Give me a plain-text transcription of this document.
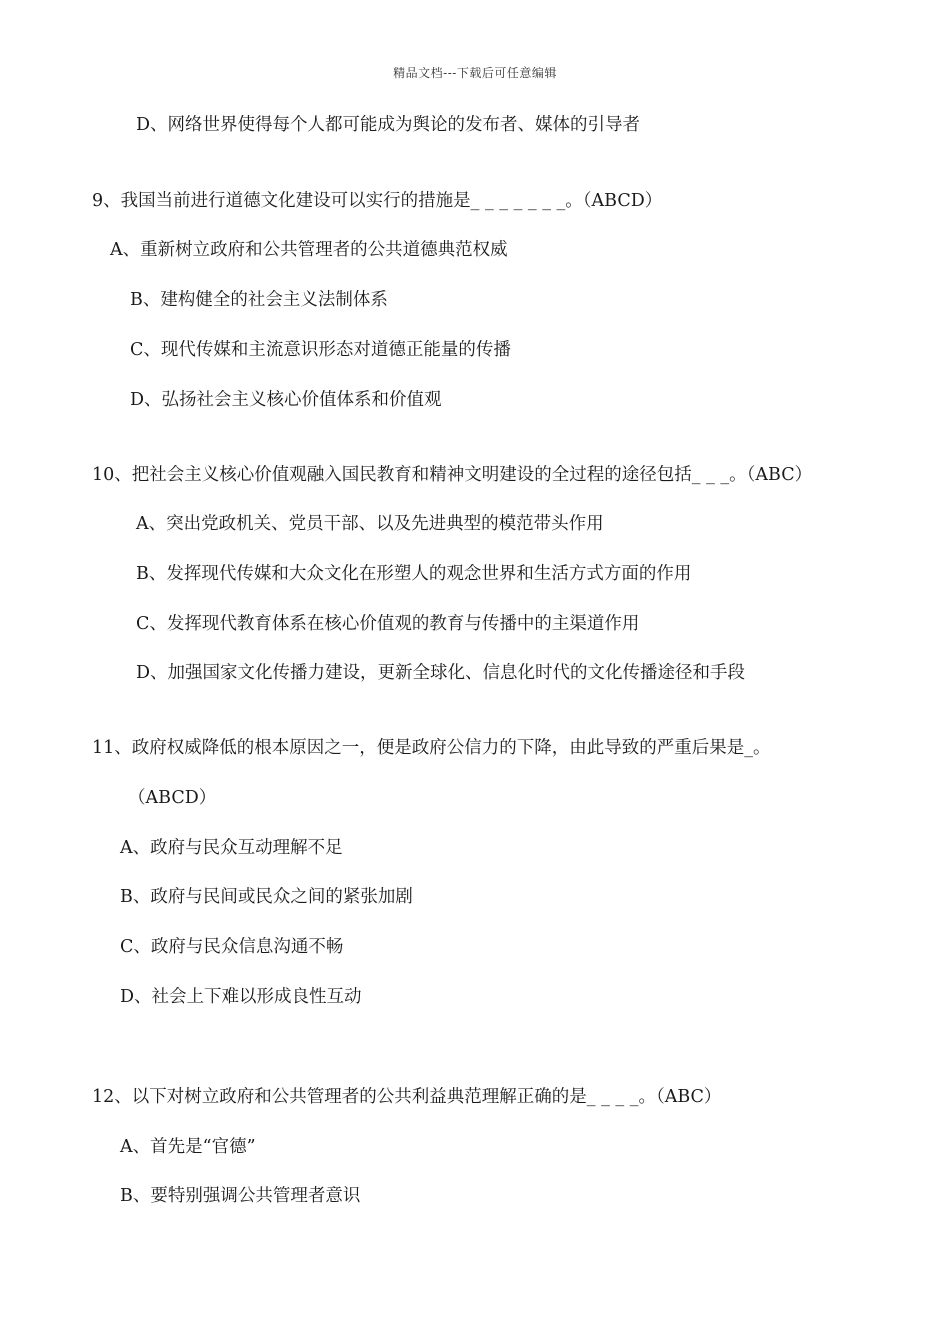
精品文档---下载后可任意编辑
D、网络世界使得每个人都可能成为舆论的发布者、媒体的引导者
9、我国当前进行道德文化建设可以实行的措施是_ _ _ _ _ _ _。（ABCD）
A、重新树立政府和公共管理者的公共道德典范权威
B、建构健全的社会主义法制体系
C、现代传媒和主流意识形态对道德正能量的传播
D、弘扬社会主义核心价值体系和价值观
10、把社会主义核心价值观融入国民教育和精神文明建设的全过程的途径包括_ _ _。（ABC）
A、突出党政机关、党员干部、以及先进典型的模范带头作用
B、发挥现代传媒和大众文化在形塑人的观念世界和生活方式方面的作用
C、发挥现代教育体系在核心价值观的教育与传播中的主渠道作用
D、加强国家文化传播力建设，更新全球化、信息化时代的文化传播途径和手段
11、政府权威降低的根本原因之一，便是政府公信力的下降，由此导致的严重后果是_。
（ABCD）
A、政府与民众互动理解不足
B、政府与民间或民众之间的紧张加剧
C、政府与民众信息沟通不畅
D、社会上下难以形成良性互动
12、以下对树立政府和公共管理者的公共利益典范理解正确的是_ _ _ _。（ABC）
A、首先是“官德”
B、要特别强调公共管理者意识
